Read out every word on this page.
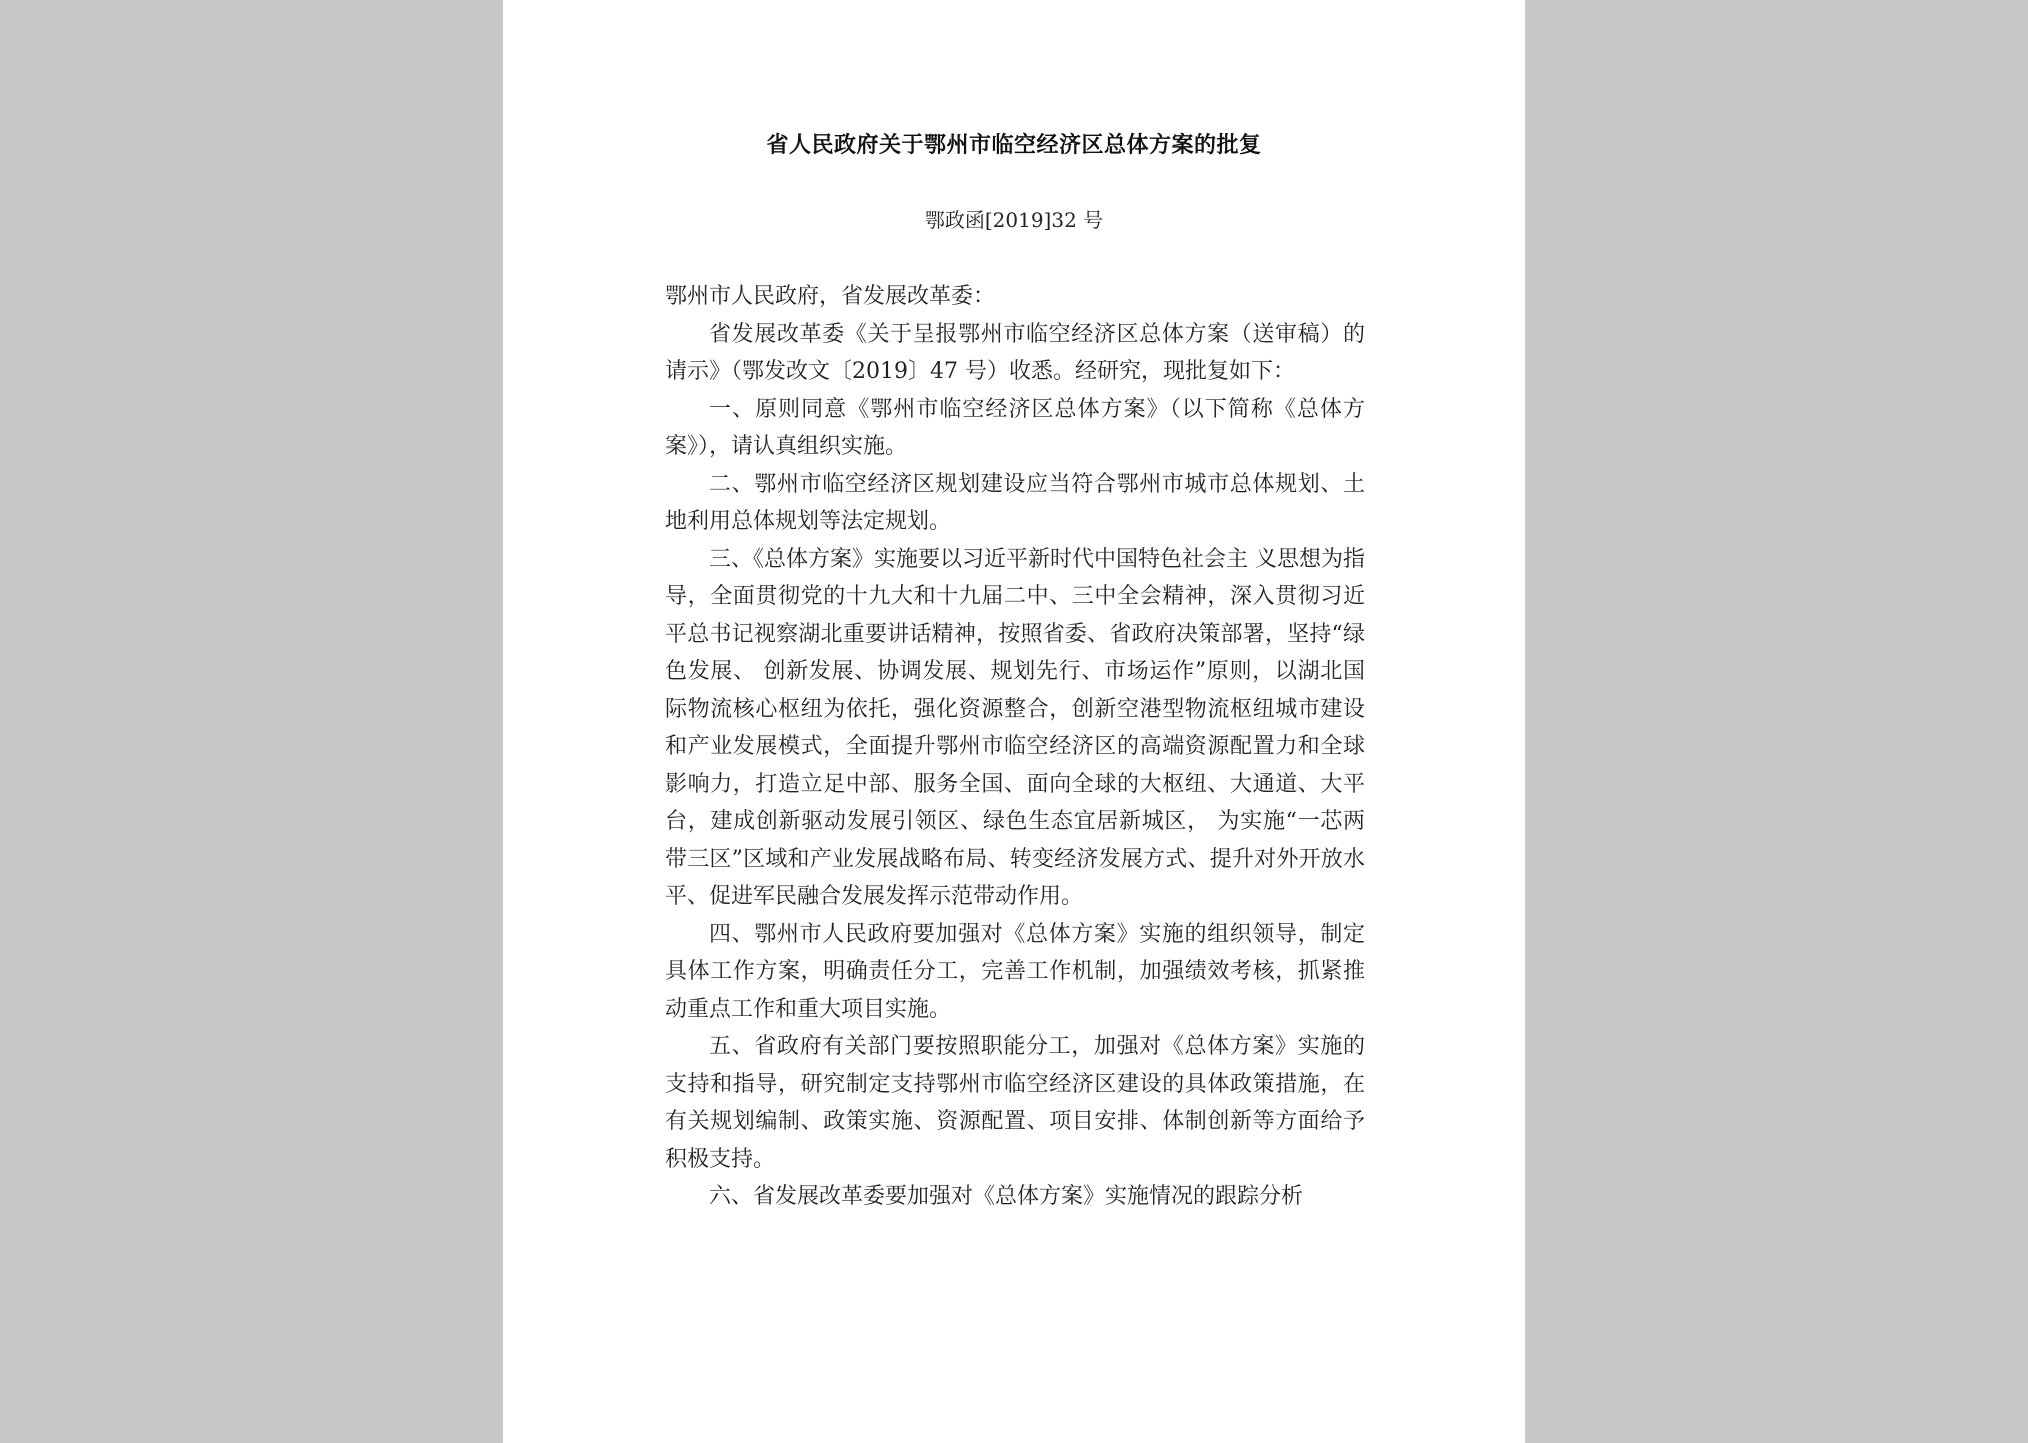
省人民政府关于鄂州市临空经济区总体方案的批复
鄂政函[2019]32 号

鄂州市人民政府，省发展改革委：

省发展改革委《关于呈报鄂州市临空经济区总体方案（送审稿）的请示》（鄂发改文〔2019〕47 号）收悉。经研究，现批复如下：

一、原则同意《鄂州市临空经济区总体方案》（以下简称《总体方案》），请认真组织实施。

二、鄂州市临空经济区规划建设应当符合鄂州市城市总体规划、土地利用总体规划等法定规划。

三、《总体方案》实施要以习近平新时代中国特色社会主 义思想为指导，全面贯彻党的十九大和十九届二中、三中全会精神，深入贯彻习近平总书记视察湖北重要讲话精神，按照省委、省政府决策部署，坚持“绿色发展、 创新发展、协调发展、规划先行、市场运作”原则，以湖北国际物流核心枢纽为依托，强化资源整合，创新空港型物流枢纽城市建设和产业发展模式，全面提升鄂州市临空经济区的高端资源配置力和全球影响力，打造立足中部、服务全国、面向全球的大枢纽、大通道、大平台，建成创新驱动发展引领区、绿色生态宜居新城区， 为实施“一芯两带三区”区域和产业发展战略布局、转变经济发展方式、提升对外开放水平、促进军民融合发展发挥示范带动作用。

四、鄂州市人民政府要加强对《总体方案》实施的组织领导，制定具体工作方案，明确责任分工，完善工作机制，加强绩效考核，抓紧推动重点工作和重大项目实施。

五、省政府有关部门要按照职能分工，加强对《总体方案》实施的支持和指导，研究制定支持鄂州市临空经济区建设的具体政策措施，在有关规划编制、政策实施、资源配置、项目安排、体制创新等方面给予积极支持。

六、省发展改革委要加强对《总体方案》实施情况的跟踪分析
